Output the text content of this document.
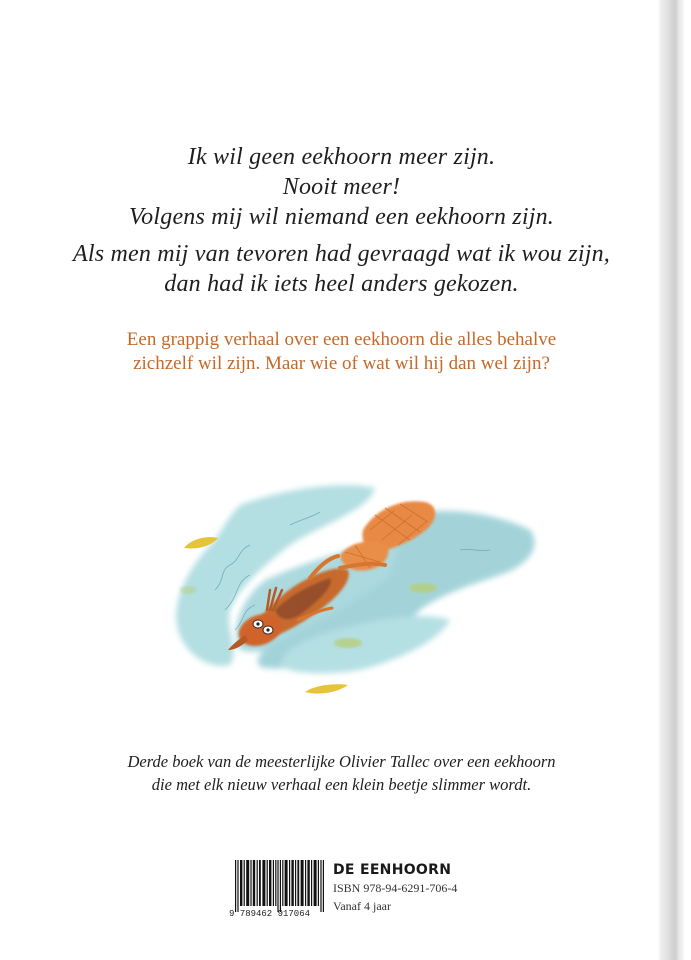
Ik wil geen eekhoorn meer zijn.
Nooit meer!
Volgens mij wil niemand een eekhoorn zijn.
Als men mij van tevoren had gevraagd wat ik wou zijn,
dan had ik iets heel anders gekozen.
Een grappig verhaal over een eekhoorn die alles behalve
zichzelf wil zijn. Maar wie of wat wil hij dan wel zijn?
Derde boek van de meesterlijke Olivier Tallec over een eekhoorn
die met elk nieuw verhaal een klein beetje slimmer wordt.
9 789462 917064
DE EENHOORN
ISBN 978-94-6291-706-4
Vanaf 4 jaar
